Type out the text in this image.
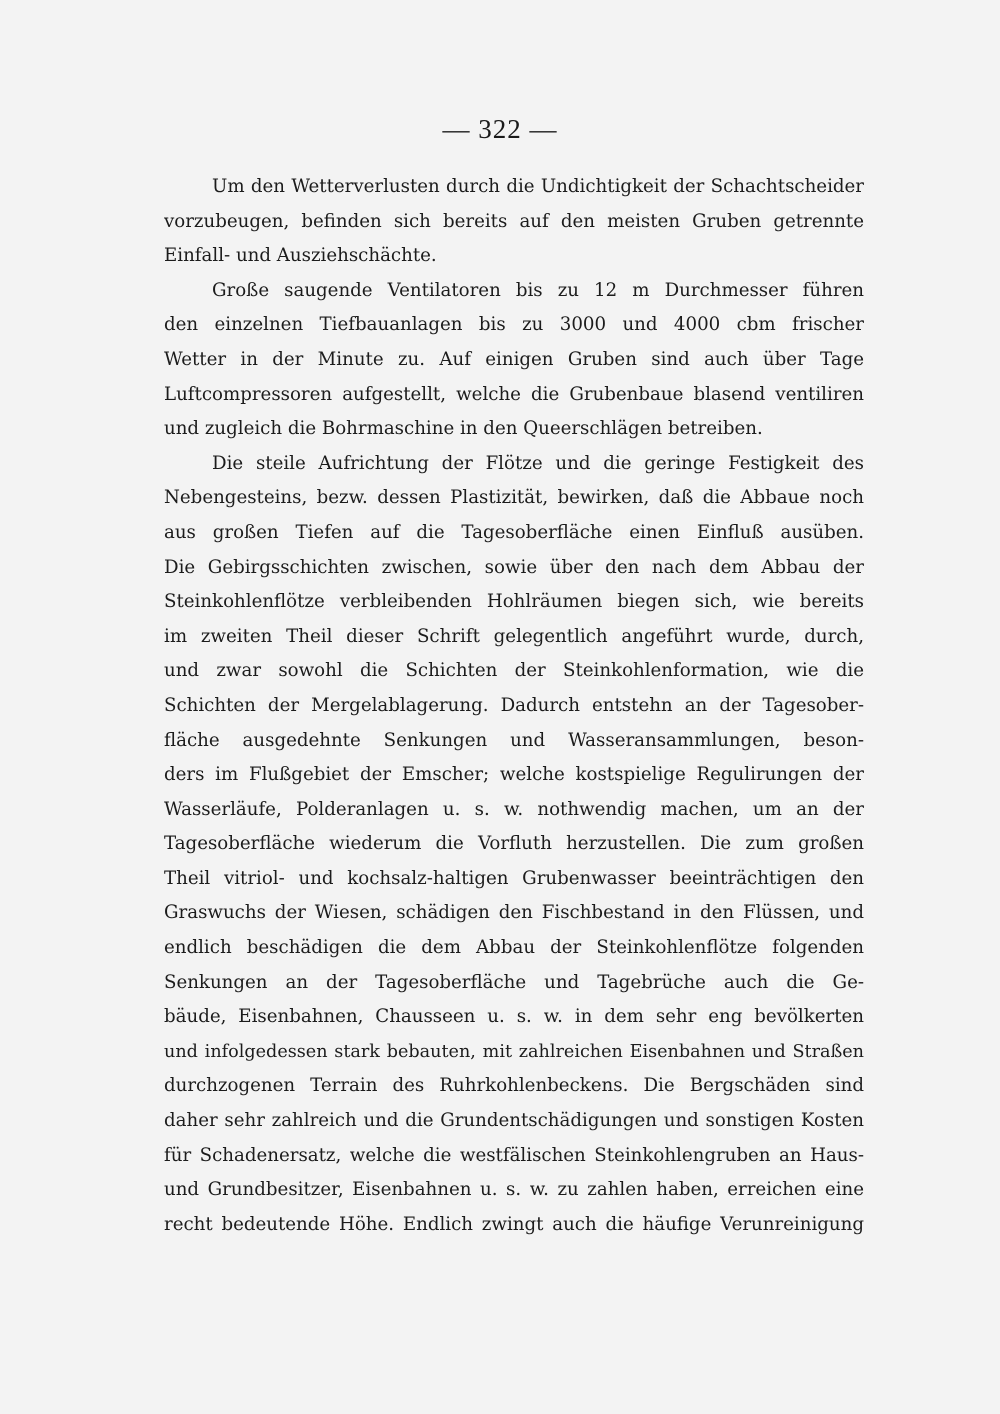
— 322 —
Um den Wetterverlusten durch die Undichtigkeit der Schachtscheider
vorzubeugen, befinden sich bereits auf den meisten Gruben getrennte
Einfall- und Ausziehschächte.
Große saugende Ventilatoren bis zu 12 m Durchmesser führen
den einzelnen Tiefbauanlagen bis zu 3000 und 4000 cbm frischer
Wetter in der Minute zu. Auf einigen Gruben sind auch über Tage
Luftcompressoren aufgestellt, welche die Grubenbaue blasend ventiliren
und zugleich die Bohrmaschine in den Queerschlägen betreiben.
Die steile Aufrichtung der Flötze und die geringe Festigkeit des
Nebengesteins, bezw. dessen Plastizität, bewirken, daß die Abbaue noch
aus großen Tiefen auf die Tagesoberfläche einen Einfluß ausüben.
Die Gebirgsschichten zwischen, sowie über den nach dem Abbau der
Steinkohlenflötze verbleibenden Hohlräumen biegen sich, wie bereits
im zweiten Theil dieser Schrift gelegentlich angeführt wurde, durch,
und zwar sowohl die Schichten der Steinkohlenformation, wie die
Schichten der Mergelablagerung. Dadurch entstehn an der Tagesober-
fläche ausgedehnte Senkungen und Wasseransammlungen, beson-
ders im Flußgebiet der Emscher; welche kostspielige Regulirungen der
Wasserläufe, Polderanlagen u. s. w. nothwendig machen, um an der
Tagesoberfläche wiederum die Vorfluth herzustellen. Die zum großen
Theil vitriol- und kochsalz-haltigen Grubenwasser beeinträchtigen den
Graswuchs der Wiesen, schädigen den Fischbestand in den Flüssen, und
endlich beschädigen die dem Abbau der Steinkohlenflötze folgenden
Senkungen an der Tagesoberfläche und Tagebrüche auch die Ge-
bäude, Eisenbahnen, Chausseen u. s. w. in dem sehr eng bevölkerten
und infolgedessen stark bebauten, mit zahlreichen Eisenbahnen und Straßen
durchzogenen Terrain des Ruhrkohlenbeckens. Die Bergschäden sind
daher sehr zahlreich und die Grundentschädigungen und sonstigen Kosten
für Schadenersatz, welche die westfälischen Steinkohlengruben an Haus-
und Grundbesitzer, Eisenbahnen u. s. w. zu zahlen haben, erreichen eine
recht bedeutende Höhe. Endlich zwingt auch die häufige Verunreinigung
